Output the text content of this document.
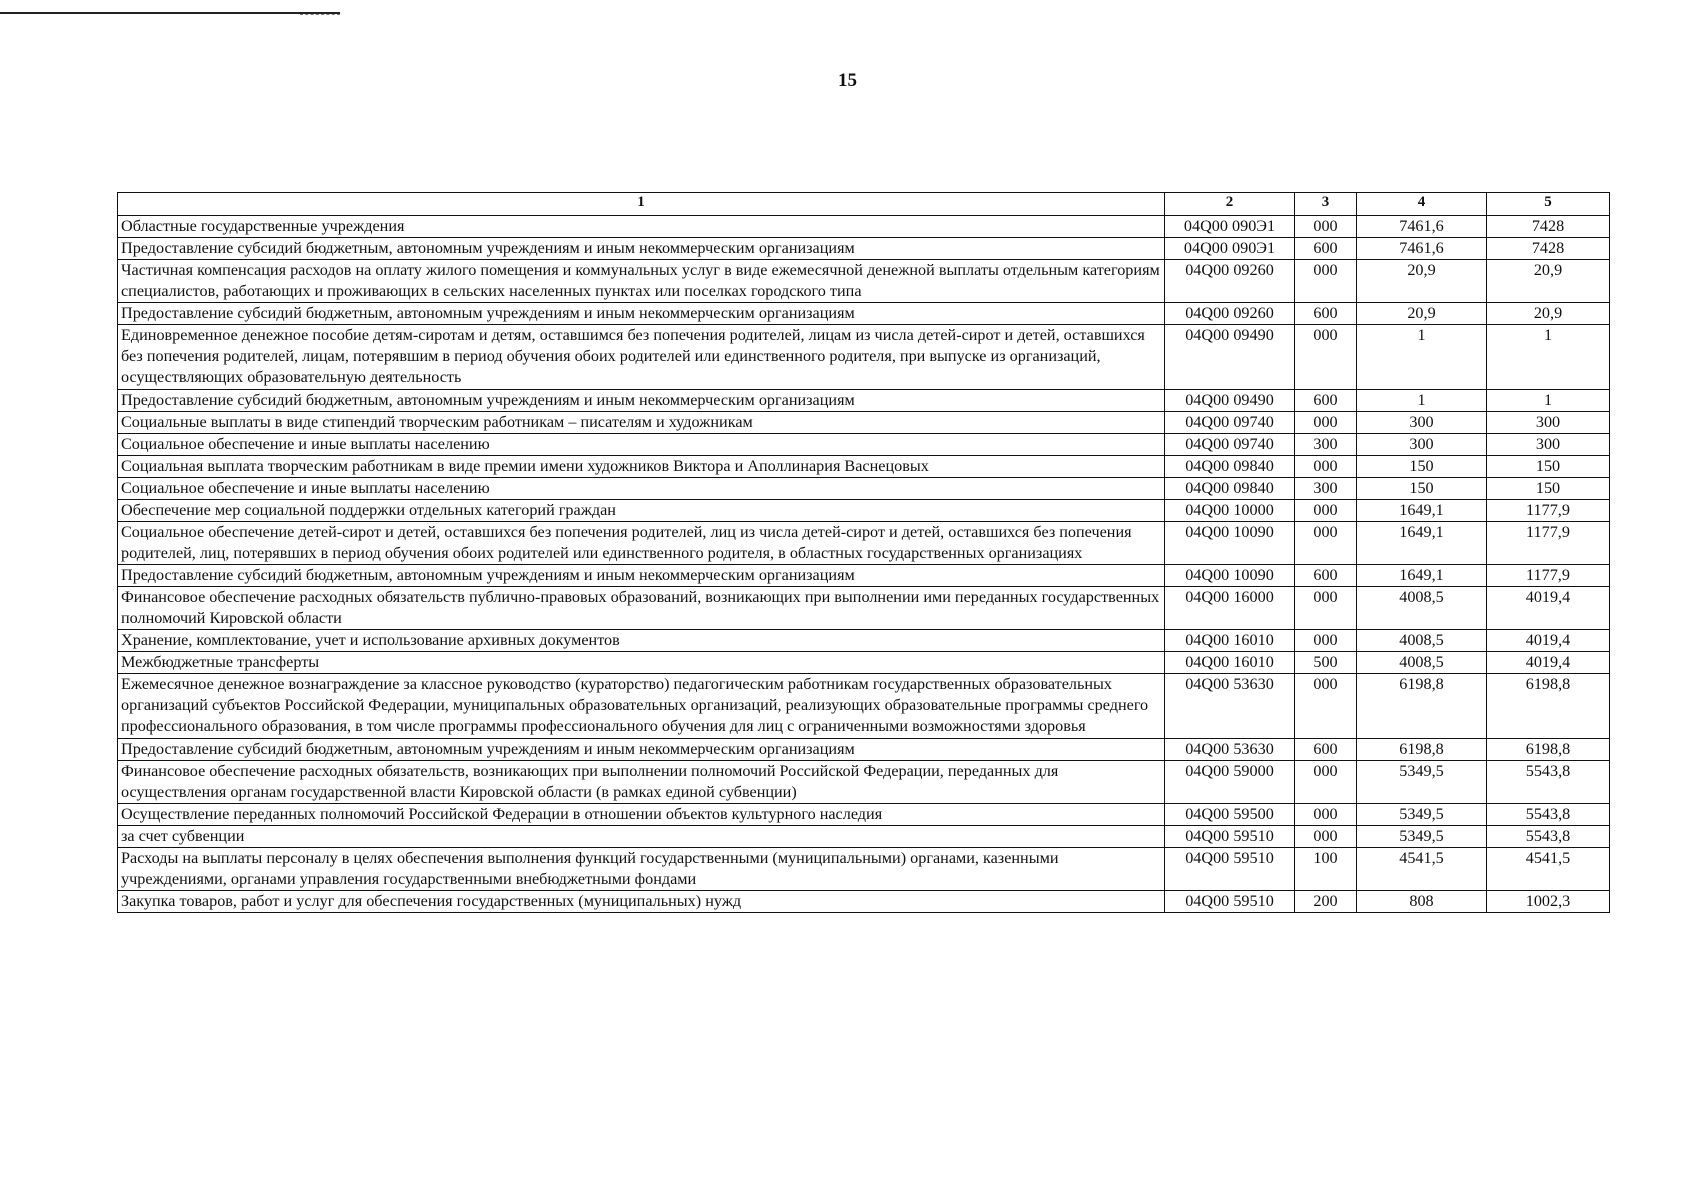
15
1	2	3	4	5
Областные государственные учреждения	04Q00 090Э1	000	7461,6	7428
Предоставление субсидий бюджетным, автономным учреждениям и иным некоммерческим организациям	04Q00 090Э1	600	7461,6	7428
Частичная компенсация расходов на оплату жилого помещения и коммунальных услуг в виде ежемесячной денежной выплаты отдельным категориям специалистов, работающих и проживающих в сельских населенных пунктах или поселках городского типа	04Q00 09260	000	20,9	20,9
Предоставление субсидий бюджетным, автономным учреждениям и иным некоммерческим организациям	04Q00 09260	600	20,9	20,9
Единовременное денежное пособие детям-сиротам и детям, оставшимся без попечения родителей, лицам из числа детей-сирот и детей, оставшихся без попечения родителей, лицам, потерявшим в период обучения обоих родителей или единственного родителя, при выпуске из организаций, осуществляющих образовательную деятельность	04Q00 09490	000	1	1
Предоставление субсидий бюджетным, автономным учреждениям и иным некоммерческим организациям	04Q00 09490	600	1	1
Социальные выплаты в виде стипендий творческим работникам – писателям и художникам	04Q00 09740	000	300	300
Социальное обеспечение и иные выплаты населению	04Q00 09740	300	300	300
Социальная выплата творческим работникам в виде премии имени художников Виктора и Аполлинария Васнецовых	04Q00 09840	000	150	150
Социальное обеспечение и иные выплаты населению	04Q00 09840	300	150	150
Обеспечение мер социальной поддержки отдельных категорий граждан	04Q00 10000	000	1649,1	1177,9
Социальное обеспечение детей-сирот и детей, оставшихся без попечения родителей, лиц из числа детей-сирот и детей, оставшихся без попечения родителей, лиц, потерявших в период обучения обоих родителей или единственного родителя, в областных государственных организациях	04Q00 10090	000	1649,1	1177,9
Предоставление субсидий бюджетным, автономным учреждениям и иным некоммерческим организациям	04Q00 10090	600	1649,1	1177,9
Финансовое обеспечение расходных обязательств публично-правовых образований, возникающих при выполнении ими переданных государственных полномочий Кировской области	04Q00 16000	000	4008,5	4019,4
Хранение, комплектование, учет и использование архивных документов	04Q00 16010	000	4008,5	4019,4
Межбюджетные трансферты	04Q00 16010	500	4008,5	4019,4
Ежемесячное денежное вознаграждение за классное руководство (кураторство) педагогическим работникам государственных образовательных организаций субъектов Российской Федерации, муниципальных образовательных организаций, реализующих образовательные программы среднего профессионального образования, в том числе программы профессионального обучения для лиц с ограниченными возможностями здоровья	04Q00 53630	000	6198,8	6198,8
Предоставление субсидий бюджетным, автономным учреждениям и иным некоммерческим организациям	04Q00 53630	600	6198,8	6198,8
Финансовое обеспечение расходных обязательств, возникающих при выполнении полномочий Российской Федерации, переданных для осуществления органам государственной власти Кировской области (в рамках единой субвенции)	04Q00 59000	000	5349,5	5543,8
Осуществление переданных полномочий Российской Федерации в отношении объектов культурного наследия	04Q00 59500	000	5349,5	5543,8
за счет субвенции	04Q00 59510	000	5349,5	5543,8
Расходы на выплаты персоналу в целях обеспечения выполнения функций государственными (муниципальными) органами, казенными учреждениями, органами управления государственными внебюджетными фондами	04Q00 59510	100	4541,5	4541,5
Закупка товаров, работ и услуг для обеспечения государственных (муниципальных) нужд	04Q00 59510	200	808	1002,3
